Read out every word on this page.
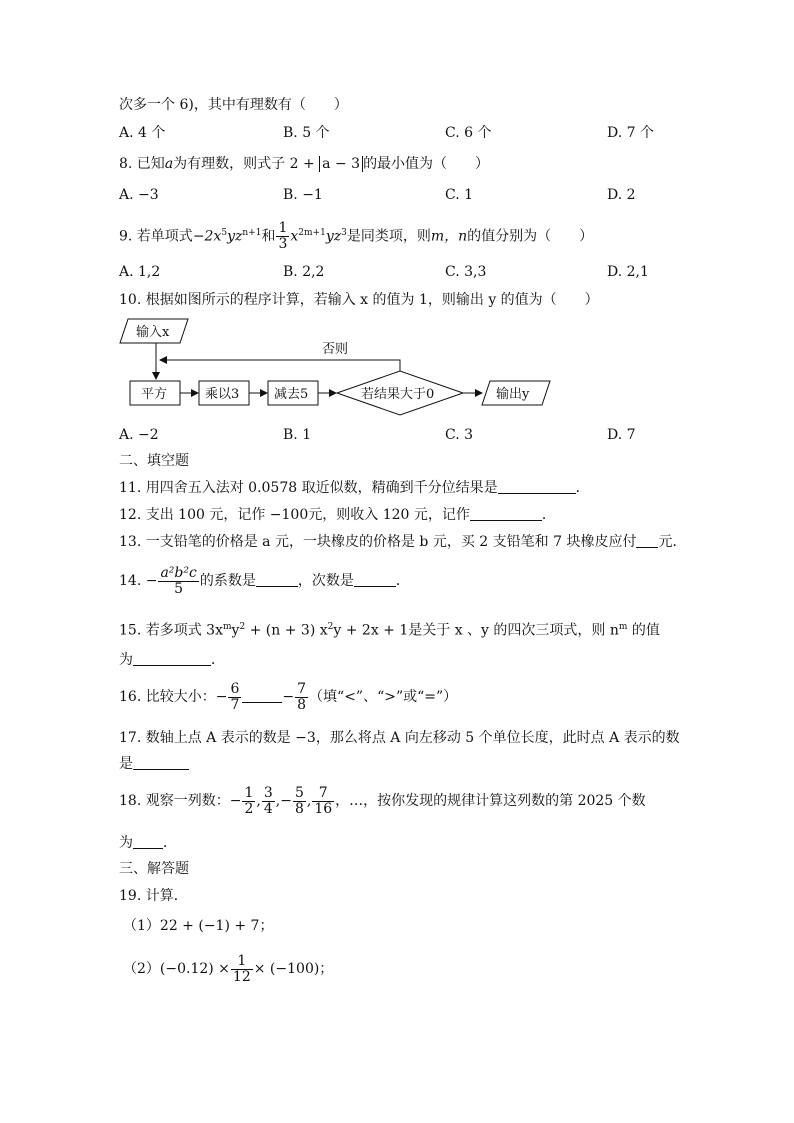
次多一个 6)，其中有理数有（　　）
A. 4 个	B. 5 个	C. 6 个	D. 7 个
8. 已知a为有理数，则式子 2 + a − 3 的最小值为（　　）
A. −3	B. −1	C. 1	D. 2
9. 若单项式$-2x^5yz^{n+1}$和 $\frac{1}{3} x^{2m+1}yz^3$是同类项，则m，n的值分别为（　　）
A. 1,2	B. 2,2	C. 3,3	D. 2,1
10. 根据如图所示的程序计算，若输入 x 的值为 1，则输出 y 的值为（　　）
输入x
否则
平方	乘以3	减去5	若结果大于0	输出y
A. −2	B. 1	C. 3	D. 7
二、填空题
11. 用四舍五入法对 0.0578 取近似数，精确到千分位结果是	．
12. 支出 100 元，记作 −100元，则收入 120 元，记作	．
13. 一支铅笔的价格是 a 元，一块橡皮的价格是 b 元，买 2 支铅笔和 7 块橡皮应付 元．
14. − $\frac{\text{a²b²c}}{5}$ 的系数是	，次数是	．
15. 若多项式 $3x^my^2 + (n + 3) x^2y + 2x + 1$是关于 x 、y 的四次三项式，则 $n^m$ 的值
为	．
16. 比较大小：− $\frac{6}{7}$	− $\frac{7}{8}$ （填“<”、“>”或“=”）
17. 数轴上点 A 表示的数是 −3，那么将点 A 向左移动 5 个单位长度，此时点 A 表示的数
是
18. 观察一列数：− $\frac{1}{2}$ , $\frac{3}{4}$ ,− $\frac{5}{8}$ , $\frac{7}{16}$ ，…，按你发现的规律计算这列数的第 2025 个数
为 ．
三、解答题
19. 计算．
（1）22 + (−1) + 7；
$(2)(-0.12) \times \frac{1}{12} \times (-100)$；
